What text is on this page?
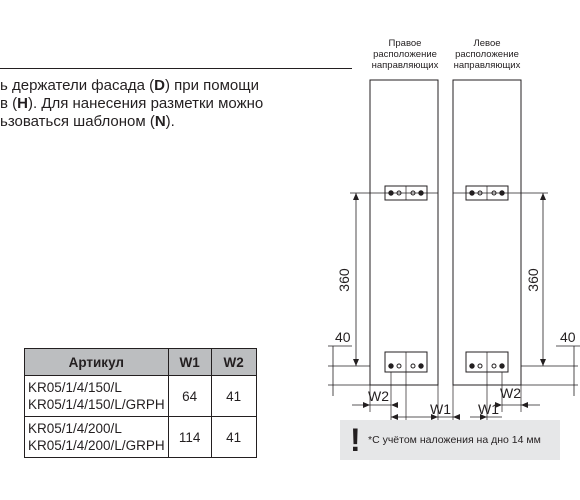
ь держатели фасада (D) при помощи
в (H). Для нанесения разметки можно
ьзоваться шаблоном (N).
Правое
расположение
направляющих
Левое
расположение
направляющих
360	360
40	40
W2
W1 W1
W2
Артикул	W1	W2

KR05/1/4/150/L
KR05/1/4/150/L/GRPH	64	41

KR05/1/4/200/L
KR05/1/4/200/L/GRPH	114	41	! *С учётом наложения на дно 14 мм
